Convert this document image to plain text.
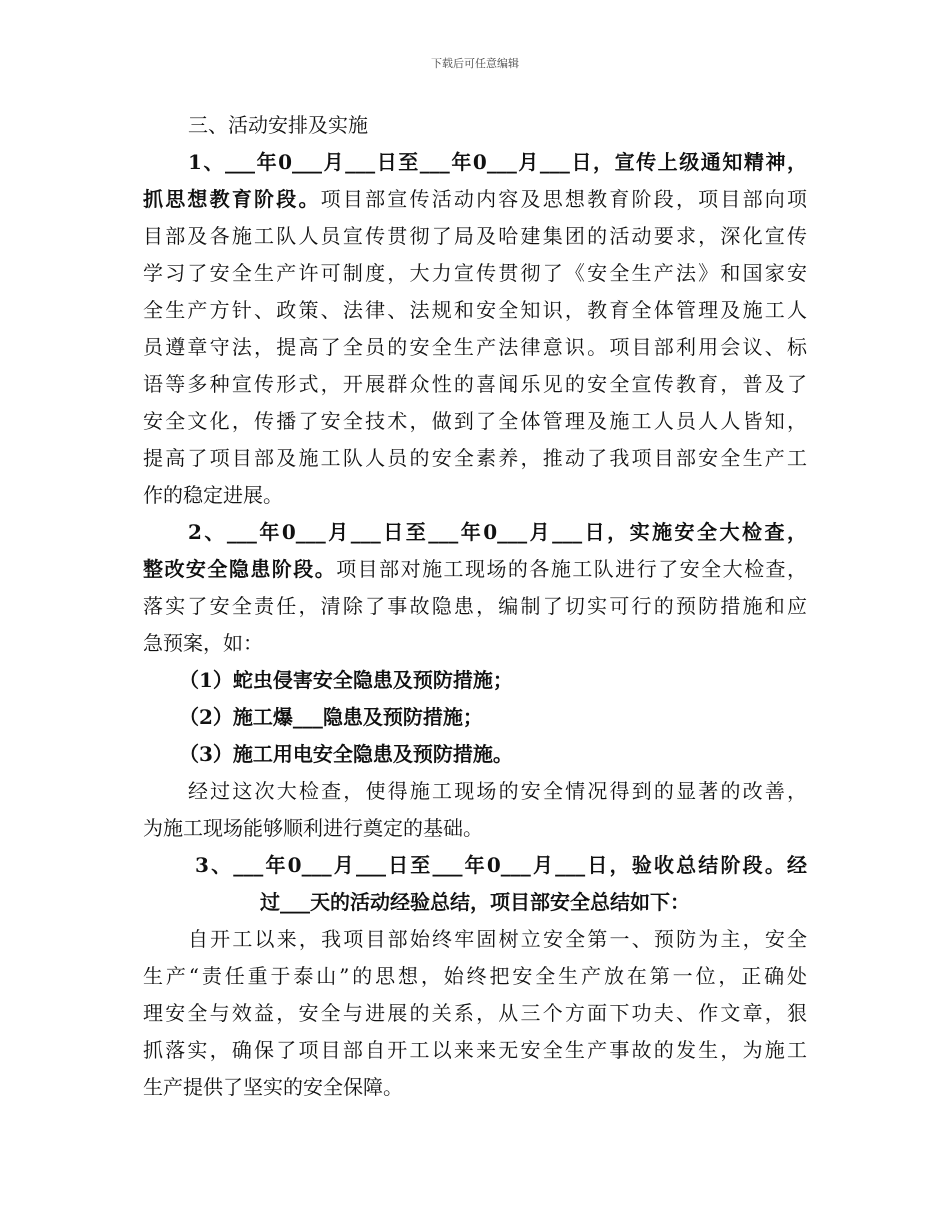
下载后可任意编辑
三、活动安排及实施
1、___年0___月___日至___年0___月___日，宣传上级通知精神，
抓思想教育阶段。项目部宣传活动内容及思想教育阶段，项目部向项
目部及各施工队人员宣传贯彻了局及哈建集团的活动要求，深化宣传
学习了安全生产许可制度，大力宣传贯彻了《安全生产法》和国家安
全生产方针、政策、法律、法规和安全知识，教育全体管理及施工人
员遵章守法，提高了全员的安全生产法律意识。项目部利用会议、标
语等多种宣传形式，开展群众性的喜闻乐见的安全宣传教育，普及了
安全文化，传播了安全技术，做到了全体管理及施工人员人人皆知，
提高了项目部及施工队人员的安全素养，推动了我项目部安全生产工
作的稳定进展。
2、___年0___月___日至___年0___月___日，实施安全大检查，
整改安全隐患阶段。项目部对施工现场的各施工队进行了安全大检查，
落实了安全责任，清除了事故隐患，编制了切实可行的预防措施和应
急预案，如：
（1）蛇虫侵害安全隐患及预防措施；
（2）施工爆___隐患及预防措施；
（3）施工用电安全隐患及预防措施。
经过这次大检查，使得施工现场的安全情况得到的显著的改善，
为施工现场能够顺利进行奠定的基础。
3、___年0___月___日至___年0___月___日，验收总结阶段。经
过___天的活动经验总结，项目部安全总结如下：
自开工以来，我项目部始终牢固树立安全第一、预防为主，安全
生产“责任重于泰山”的思想，始终把安全生产放在第一位，正确处
理安全与效益，安全与进展的关系，从三个方面下功夫、作文章，狠
抓落实，确保了项目部自开工以来来无安全生产事故的发生，为施工
生产提供了坚实的安全保障。
